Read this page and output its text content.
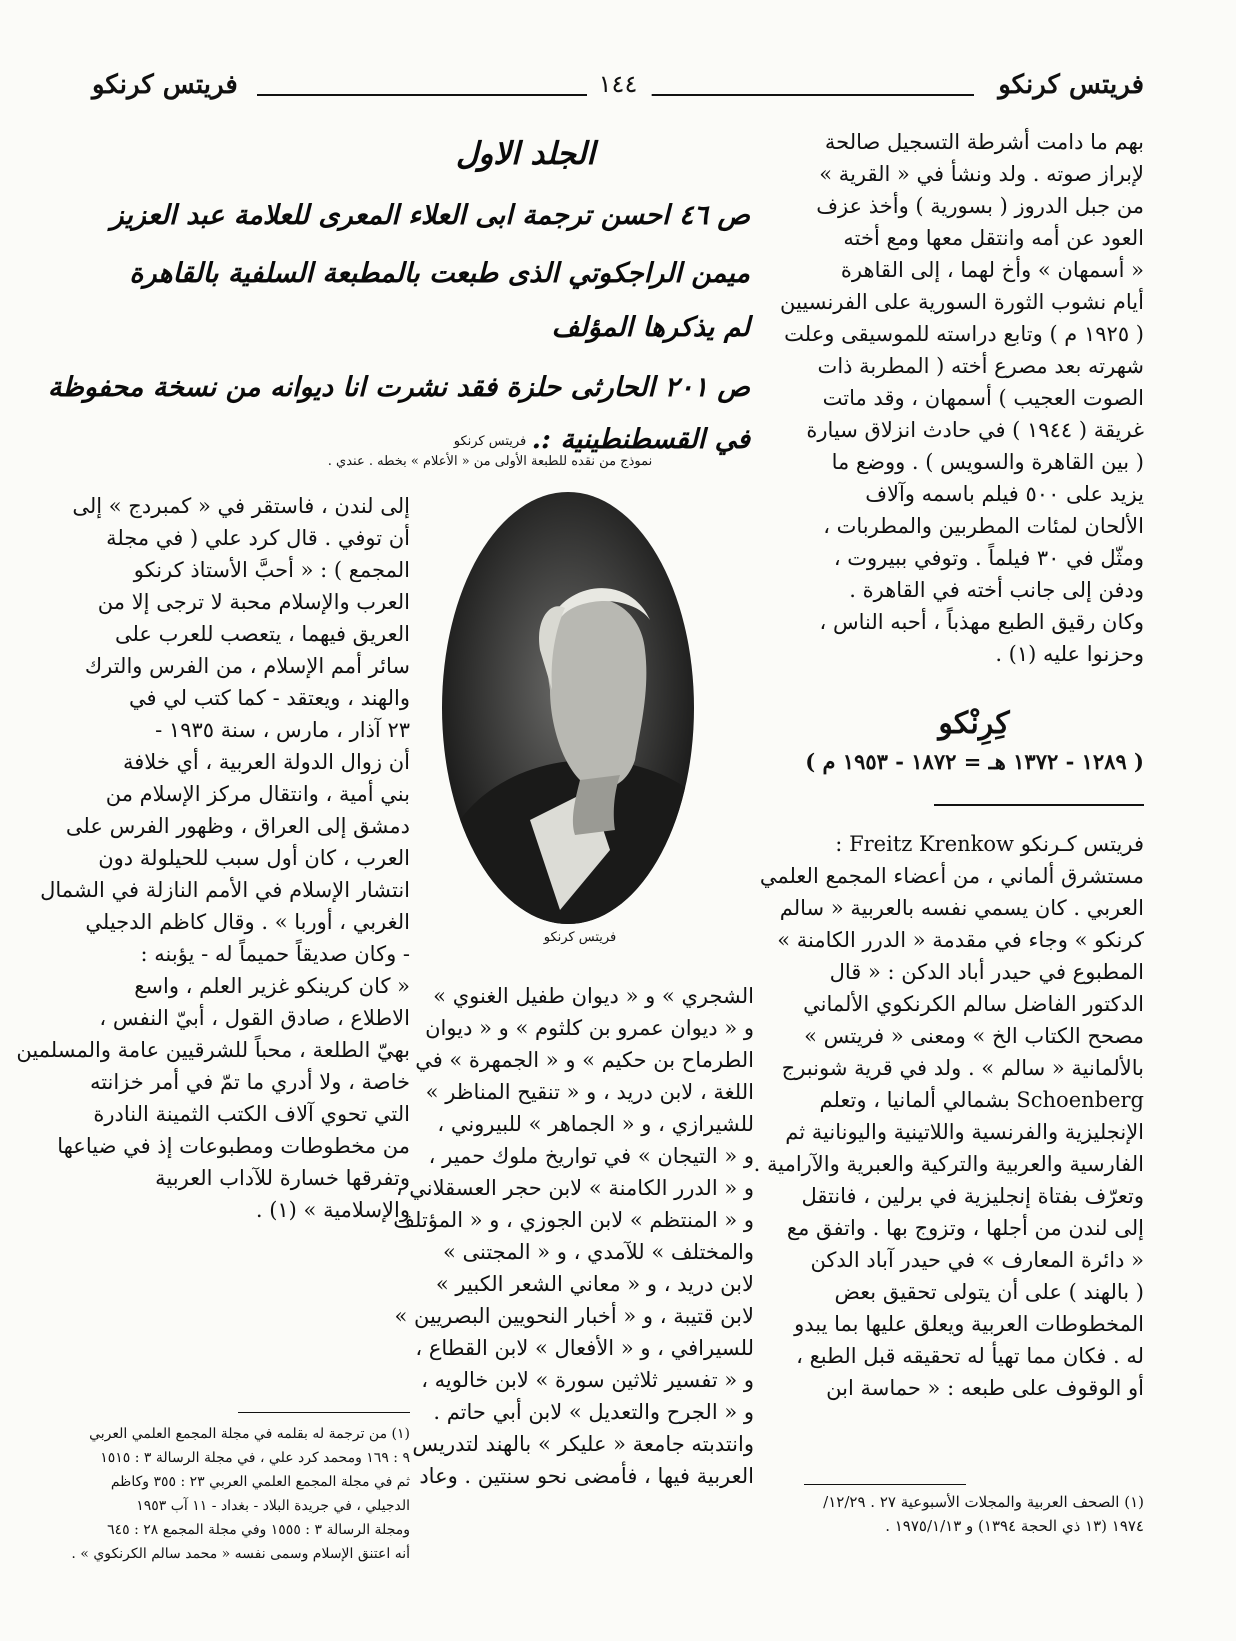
فريتس كرنكو
١٤٤
فريتس كرنكو

بهم ما دامت أشرطة التسجيل صالحة

لإبراز صوته . ولد ونشأ في « القرية »

من جبل الدروز ( بسورية ) وأخذ عزف

العود عن أمه وانتقل معها ومع أخته

« أسمهان » وأخ لهما ، إلى القاهرة

أيام نشوب الثورة السورية على الفرنسيين

( ١٩٢٥ م ) وتابع دراسته للموسيقى وعلت

شهرته بعد مصرع أخته ( المطربة ذات

الصوت العجيب ) أسمهان ، وقد ماتت

غريقة ( ١٩٤٤ ) في حادث انزلاق سيارة

( بين القاهرة والسويس ) . ووضع ما

يزيد على ٥٠٠ فيلم باسمه وآلاف

الألحان لمئات المطربين والمطربات ،

ومثّل في ٣٠ فيلماً . وتوفي ببيروت ،

ودفن إلى جانب أخته في القاهرة .

وكان رقيق الطبع مهذباً ، أحبه الناس ،

وحزنوا عليه (١) .

كِرِنْكو
( ١٢٨٩ - ١٣٧٢ هـ = ١٨٧٢ - ١٩٥٣ م )

فريتس كـرنكو Freitz Krenkow :

مستشرق ألماني ، من أعضاء المجمع العلمي

العربي . كان يسمي نفسه بالعربية « سالم

كرنكو » وجاء في مقدمة « الدرر الكامنة »

المطبوع في حيدر أباد الدكن : « قال

الدكتور الفاضل سالم الكرنكوي الألماني

مصحح الكتاب الخ » ومعنى « فريتس »

بالألمانية « سالم » . ولد في قرية شونبرج

Schoenberg بشمالي ألمانيا ، وتعلم

الإنجليزية والفرنسية واللاتينية واليونانية ثم

الفارسية والعربية والتركية والعبرية والآرامية .

وتعرّف بفتاة إنجليزية في برلين ، فانتقل

إلى لندن من أجلها ، وتزوج بها . واتفق مع

« دائرة المعارف » في حيدر آباد الدكن

( بالهند ) على أن يتولى تحقيق بعض

المخطوطات العربية ويعلق عليها بما يبدو

له . فكان مما تهيأ له تحقيقه قبل الطبع ،

أو الوقوف على طبعه : « حماسة ابن

(١) الصحف العربية والمجلات الأسبوعية ٢٧ . ١٢/٢٩/

١٩٧٤ (١٣ ذي الحجة ١٣٩٤) و ١٩٧٥/١/١٣ .

الجلد الاول
ص ٤٦ احسن ترجمة ابى العلاء المعرى للعلامة عبد العزيز
ميمن الراجكوتي الذى طبعت بالمطبعة السلفية بالقاهرة
لم يذكرها المؤلف
ص ٢٠١ الحارثى حلزة فقد نشرت انا ديوانه من نسخة محفوظة
في القسطنطينية :.
فريتس كرنكو
نموذج من نقده للطبعة الأولى من « الأعلام » بخطه . عندي .
فريتس كرنكو

إلى لندن ، فاستقر في « كمبردج » إلى

أن توفي . قال كرد علي ( في مجلة

المجمع ) : « أحبَّ الأستاذ كرنكو

العرب والإسلام محبة لا ترجى إلا من

العريق فيهما ، يتعصب للعرب على

سائر أمم الإسلام ، من الفرس والترك

والهند ، ويعتقد - كما كتب لي في

٢٣ آذار ، مارس ، سنة ١٩٣٥ -

أن زوال الدولة العربية ، أي خلافة

بني أمية ، وانتقال مركز الإسلام من

دمشق إلى العراق ، وظهور الفرس على

العرب ، كان أول سبب للحيلولة دون

انتشار الإسلام في الأمم النازلة في الشمال

الغربي ، أوربا » . وقال كاظم الدجيلي

- وكان صديقاً حميماً له - يؤبنه :

« كان كرينكو غزير العلم ، واسع

الاطلاع ، صادق القول ، أبيّ النفس ،

بهيّ الطلعة ، محباً للشرقيين عامة والمسلمين

خاصة ، ولا أدري ما تمّ في أمر خزانته

التي تحوي آلاف الكتب الثمينة النادرة

من مخطوطات ومطبوعات إذ في ضياعها

وتفرقها خسارة للآداب العربية

والإسلامية » (١) .

(١) من ترجمة له بقلمه في مجلة المجمع العلمي العربي

٩ : ١٦٩ ومحمد كرد علي ، في مجلة الرسالة ٣ : ١٥١٥

ثم في مجلة المجمع العلمي العربي ٢٣ : ٣٥٥ وكاظم

الدجيلي ، في جريدة البلاد - بغداد - ١١ آب ١٩٥٣

ومجلة الرسالة ٣ : ١٥٥٥ وفي مجلة المجمع ٢٨ : ٦٤٥

أنه اعتنق الإسلام وسمى نفسه « محمد سالم الكرنكوي » .

الشجري » و « ديوان طفيل الغنوي »

و « ديوان عمرو بن كلثوم » و « ديوان

الطرماح بن حكيم » و « الجمهرة » في

اللغة ، لابن دريد ، و « تنقيح المناظر »

للشيرازي ، و « الجماهر » للبيروني ،

و « التيجان » في تواريخ ملوك حمير ،

و « الدرر الكامنة » لابن حجر العسقلاني ،

و « المنتظم » لابن الجوزي ، و « المؤتلف

والمختلف » للآمدي ، و « المجتنى »

لابن دريد ، و « معاني الشعر الكبير »

لابن قتيبة ، و « أخبار النحويين البصريين »

للسيرافي ، و « الأفعال » لابن القطاع ،

و « تفسير ثلاثين سورة » لابن خالويه ،

و « الجرح والتعديل » لابن أبي حاتم .

وانتدبته جامعة « عليكر » بالهند لتدريس

العربية فيها ، فأمضى نحو سنتين . وعاد
